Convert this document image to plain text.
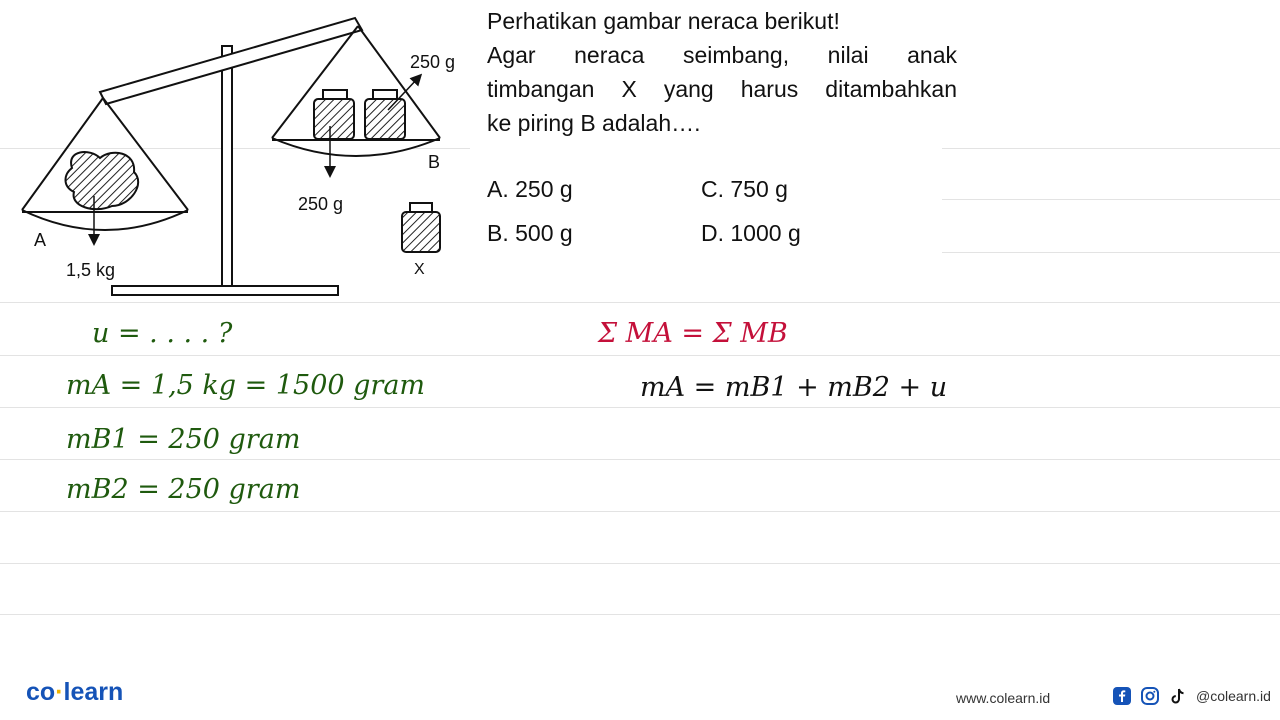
A
B
1,5 kg
250 g
250 g
X

Perhatikan gambar neraca berikut!

Agar neraca seimbang, nilai anak

timbangan X yang harus ditambahkan

ke piring B adalah….

A. 250 g
B. 500 g
C. 750 g
D. 1000 g
u = . . . . ?
mA = 1,5 kg = 1500 gram
mB1 = 250 gram
mB2 = 250 gram
Σ MA = Σ MB
mA = mB1 + mB2 + u
co·learn	www.colearn.id	@colearn.id
